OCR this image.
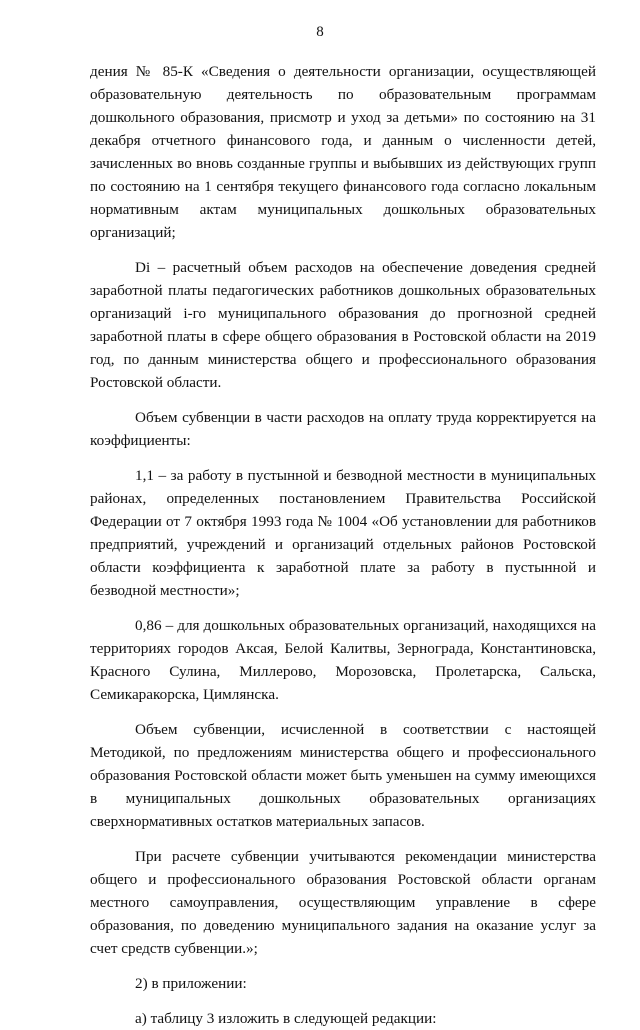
8

дения № 85-К «Сведения о деятельности организации, осуществляющей образовательную деятельность по образовательным программам дошкольного образования, присмотр и уход за детьми» по состоянию на 31 декабря отчетного финансового года, и данным о численности детей, зачисленных во вновь созданные группы и выбывших из действующих групп по состоянию на 1 сентября текущего финансового года согласно локальным нормативным актам муниципальных дошкольных образовательных организаций;

Di – расчетный объем расходов на обеспечение доведения средней заработной платы педагогических работников дошкольных образовательных организаций i-го муниципального образования до прогнозной средней заработной платы в сфере общего образования в Ростовской области на 2019 год, по данным министерства общего и профессионального образования Ростовской области.

Объем субвенции в части расходов на оплату труда корректируется на коэффициенты:

1,1 – за работу в пустынной и безводной местности в муниципальных районах, определенных постановлением Правительства Российской Федерации от 7 октября 1993 года № 1004 «Об установлении для работников предприятий, учреждений и организаций отдельных районов Ростовской области коэффициента к заработной плате за работу в пустынной и безводной местности»;

0,86 – для дошкольных образовательных организаций, находящихся на территориях городов Аксая, Белой Калитвы, Зернограда, Константиновска, Красного Сулина, Миллерово, Морозовска, Пролетарска, Сальска, Семикаракорска, Цимлянска.

Объем субвенции, исчисленной в соответствии с настоящей Методикой, по предложениям министерства общего и профессионального образования Ростовской области может быть уменьшен на сумму имеющихся в муниципальных дошкольных образовательных организациях сверхнормативных остатков материальных запасов.

При расчете субвенции учитываются рекомендации министерства общего и профессионального образования Ростовской области органам местного самоуправления, осуществляющим управление в сфере образования, по доведению муниципального задания на оказание услуг за счет средств субвенции.»;

2) в приложении:

а) таблицу 3 изложить в следующей редакции:
